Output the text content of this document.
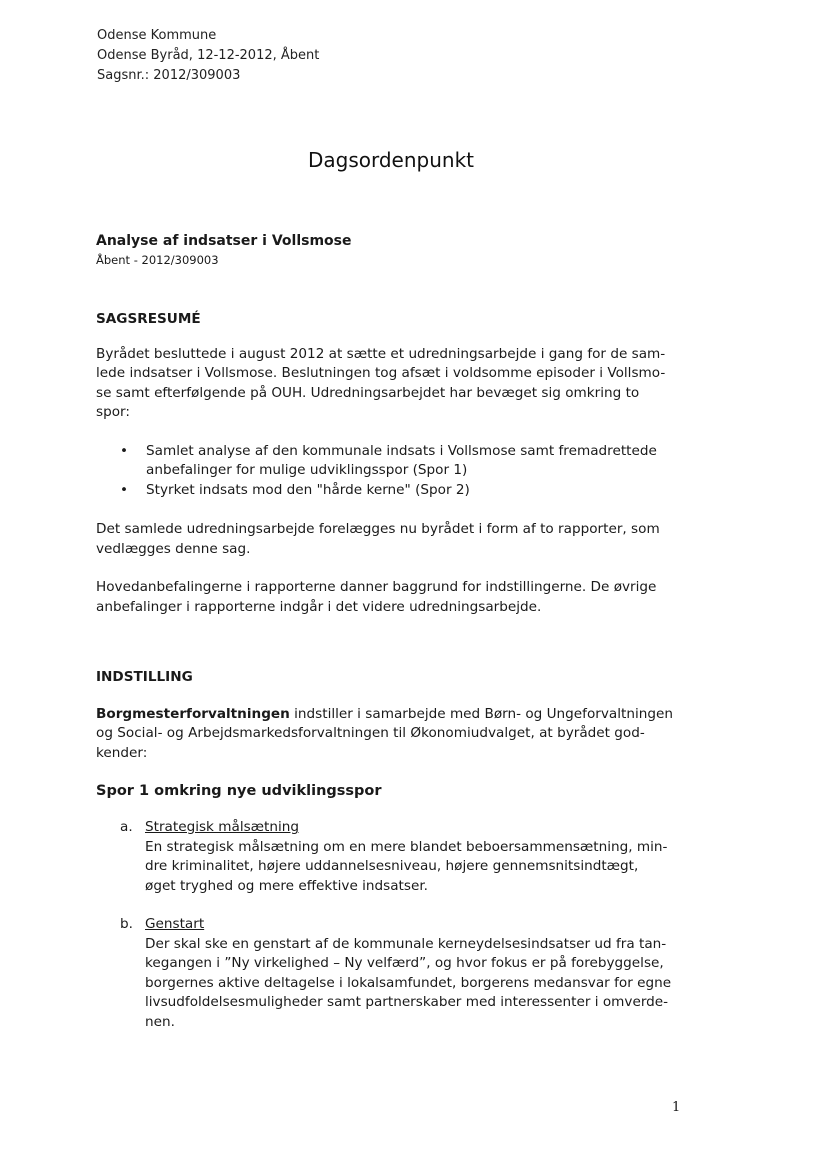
Odense Kommune
Odense Byråd, 12-12-2012, Åbent
Sagsnr.: 2012/309003
Dagsordenpunkt
Analyse af indsatser i Vollsmose
Åbent - 2012/309003
SAGSRESUMÉ

Byrådet besluttede i august 2012 at sætte et udredningsarbejde i gang for de sam-
lede indsatser i Vollsmose. Beslutningen tog afsæt i voldsomme episoder i Vollsmo-
se samt efterfølgende på OUH. Udredningsarbejdet har bevæget sig omkring to
spor:

• Samlet analyse af den kommunale indsats i Vollsmose samt fremadrettede
anbefalinger for mulige udviklingsspor (Spor 1)
• Styrket indsats mod den "hårde kerne" (Spor 2)

Det samlede udredningsarbejde forelægges nu byrådet i form af to rapporter, som
vedlægges denne sag.

Hovedanbefalingerne i rapporterne danner baggrund for indstillingerne. De øvrige
anbefalinger i rapporterne indgår i det videre udredningsarbejde.

INDSTILLING

Borgmesterforvaltningen indstiller i samarbejde med Børn- og Ungeforvaltningen
og Social- og Arbejdsmarkedsforvaltningen til Økonomiudvalget, at byrådet god-
kender:

Spor 1 omkring nye udviklingsspor
a. Strategisk målsætning
En strategisk målsætning om en mere blandet beboersammensætning, min-
dre kriminalitet, højere uddannelsesniveau, højere gennemsnitsindtægt,
øget tryghed og mere effektive indsatser.
b. Genstart
Der skal ske en genstart af de kommunale kerneydelsesindsatser ud fra tan-
kegangen i ”Ny virkelighed – Ny velfærd”, og hvor fokus er på forebyggelse,
borgernes aktive deltagelse i lokalsamfundet, borgerens medansvar for egne
livsudfoldelsesmuligheder samt partnerskaber med interessenter i omverde-
nen.
1
